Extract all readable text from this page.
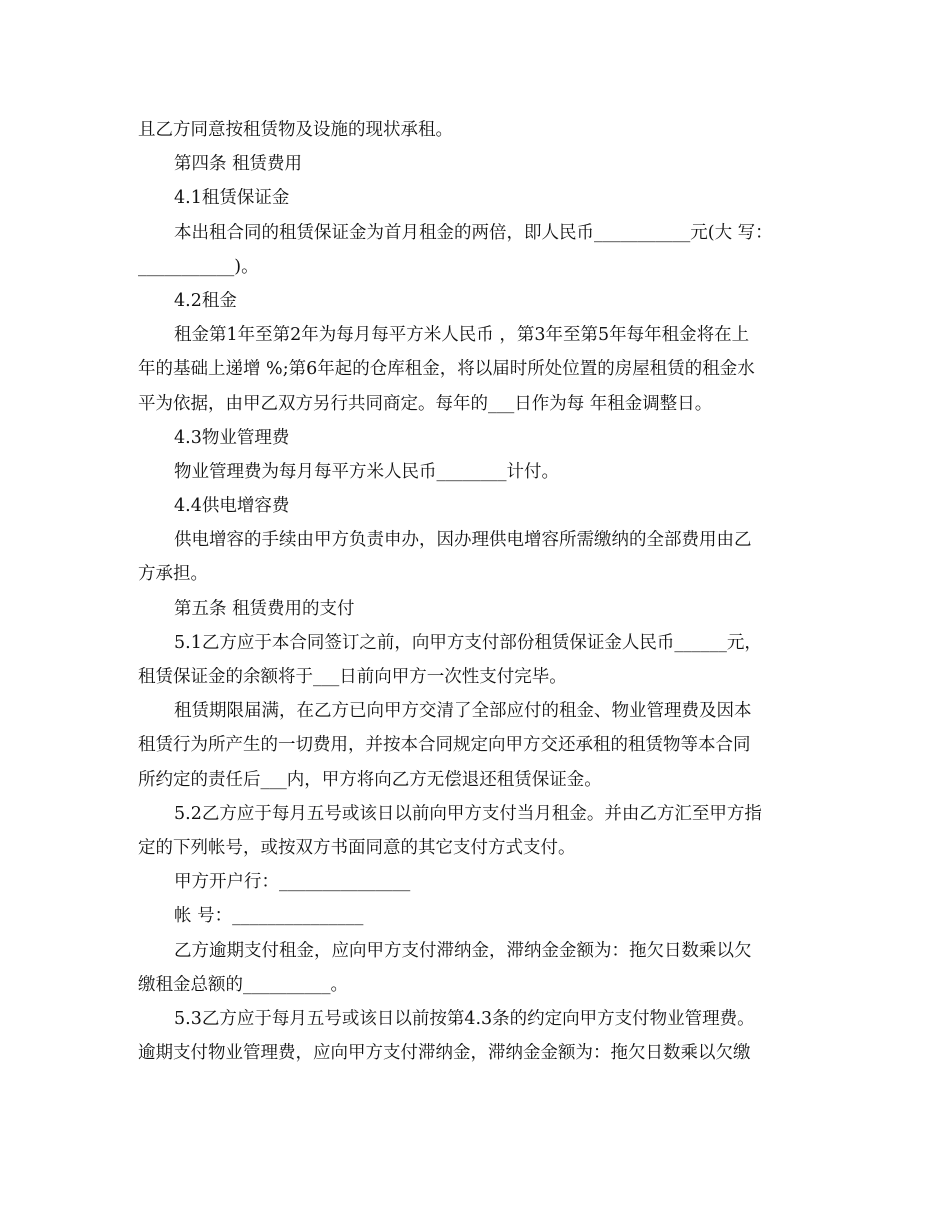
且乙方同意按租赁物及设施的现状承租。
第四条 租赁费用
4.1租赁保证金
本出租合同的租赁保证金为首月租金的两倍，即人民币___________元(大 写：
___________)。
4.2租金
租金第1年至第2年为每月每平方米人民币 ，第3年至第5年每年租金将在上
年的基础上递增 %;第6年起的仓库租金，将以届时所处位置的房屋租赁的租金水
平为依据，由甲乙双方另行共同商定。每年的___日作为每 年租金调整日。
4.3物业管理费
物业管理费为每月每平方米人民币________计付。
4.4供电增容费
供电增容的手续由甲方负责申办，因办理供电增容所需缴纳的全部费用由乙
方承担。
第五条 租赁费用的支付
5.1乙方应于本合同签订之前，向甲方支付部份租赁保证金人民币______元，
租赁保证金的余额将于___日前向甲方一次性支付完毕。
租赁期限届满，在乙方已向甲方交清了全部应付的租金、物业管理费及因本
租赁行为所产生的一切费用，并按本合同规定向甲方交还承租的租赁物等本合同
所约定的责任后___内，甲方将向乙方无偿退还租赁保证金。
5.2乙方应于每月五号或该日以前向甲方支付当月租金。并由乙方汇至甲方指
定的下列帐号，或按双方书面同意的其它支付方式支付。
甲方开户行：_______________
帐 号：_______________
乙方逾期支付租金，应向甲方支付滞纳金，滞纳金金额为：拖欠日数乘以欠
缴租金总额的__________。
5.3乙方应于每月五号或该日以前按第4.3条的约定向甲方支付物业管理费。
逾期支付物业管理费，应向甲方支付滞纳金，滞纳金金额为：拖欠日数乘以欠缴
